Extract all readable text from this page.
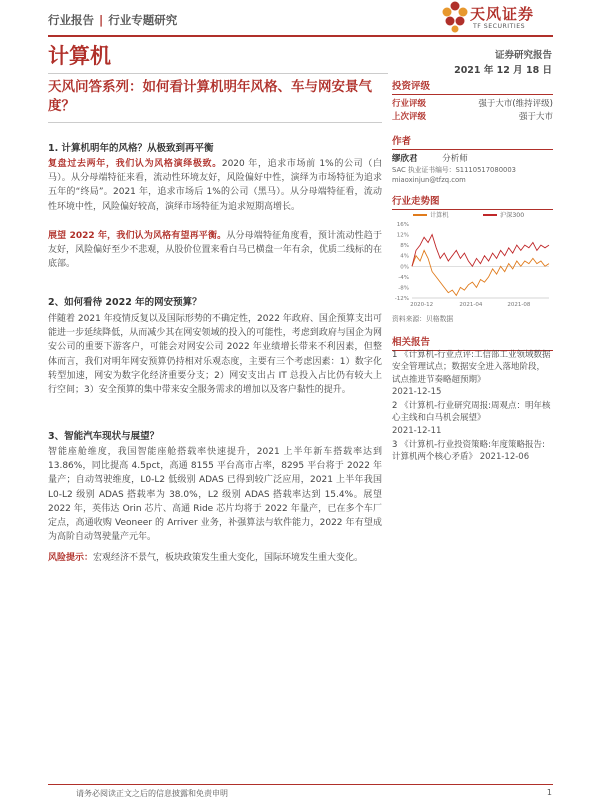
行业报告 | 行业专题研究	天风证券
TF SECURITIES
计算机	证券研究报告
2021 年 12 月 18 日
天风问答系列：如何看计算机明年风格、车与网安景气度？
1. 计算机明年的风格？从极致到再平衡
复盘过去两年，我们认为风格演绎极致。2020 年，追求市场前 1%的公司（白马）。从分母端特征来看，流动性环境友好，风险偏好中性，演绎为市场特征为追求五年的“终局”。2021 年，追求市场后 1%的公司（黑马）。从分母端特征看，流动性环境中性，风险偏好较高，演绎市场特征为追求短期高增长。
展望 2022 年，我们认为风格有望再平衡。从分母端特征角度看，预计流动性趋于友好，风险偏好至少不悲观，从股价位置来看白马已横盘一年有余，优质二线标的在底部。
2、如何看待 2022 年的网安预算？
伴随着 2021 年疫情反复以及国际形势的不确定性，2022 年政府、国企预算支出可能进一步延续降低，从而减少其在网安领域的投入的可能性，考虑到政府与国企为网安公司的重要下游客户，可能会对网安公司 2022 年业绩增长带来不利因素，但整体而言，我们对明年网安预算仍持相对乐观态度，主要有三个考虑因素：1）数字化转型加速，网安为数字化经济重要分支；2）网安支出占 IT 总投入占比仍有较大上行空间；3）安全预算的集中带来安全服务需求的增加以及客户黏性的提升。
3、智能汽车现状与展望？
智能座舱维度，我国智能座舱搭载率快速提升，2021 上半年新车搭载率达到 13.86%，同比提高 4.5pct，高通 8155 平台高市占率，8295 平台将于 2022 年量产；自动驾驶维度，L0-L2 低级别 ADAS 已得到较广泛应用，2021 上半年我国 L0-L2 级别 ADAS 搭载率为 38.0%，L2 级别 ADAS 搭载率达到 15.4%。展望 2022 年，英伟达 Orin 芯片、高通 Ride 芯片均将于 2022 年量产，已在多个车厂定点，高通收购 Veoneer 的 Arriver 业务，补强算法与软件能力，2022 年有望成为高阶自动驾驶量产元年。
风险提示：宏观经济不景气，板块政策发生重大变化，国际环境发生重大变化。
投资评级
行业评级	强于大市(维持评级)
上次评级	强于大市
作者
缪欣君	分析师
SAC 执业证书编号：S1110517080003
miaoxinjun@tfzq.com
行业走势图
计算机	沪深300
16%
12%
8%
4%
0%
-4%
-8%
-12%
2020-12	2021-04	2021-08
资料来源：贝格数据
相关报告
1 《计算机-行业点评:工信部工业领域数据安全管理试点；数据安全进入落地阶段，试点推进节奏略超预期》
2021-12-15
2 《计算机-行业研究周报:周观点：明年核心主线和白马机会展望》
2021-12-11
3 《计算机-行业投资策略:年度策略报告:计算机两个核心矛盾》 2021-12-06
请务必阅读正文之后的信息披露和免责申明	1
